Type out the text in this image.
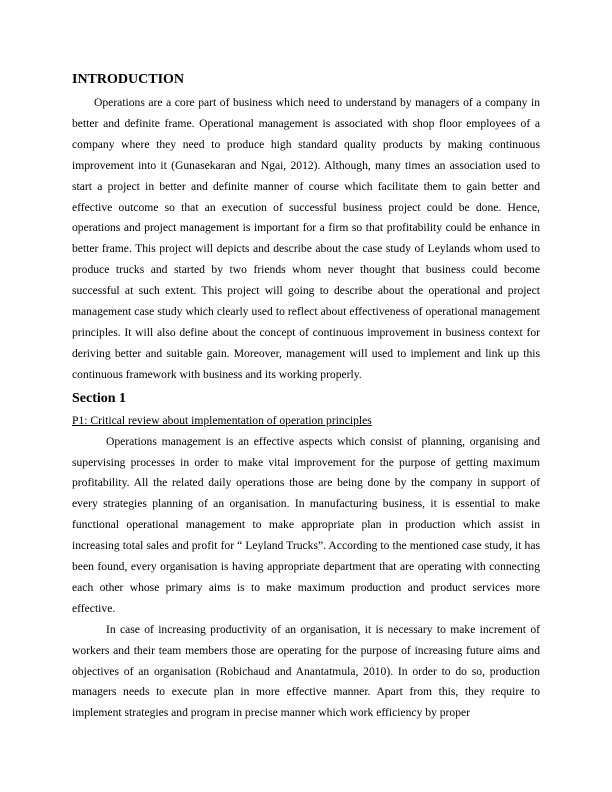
INTRODUCTION

Operations are a core part of business which need to understand by managers of a company in better and definite frame. Operational management is associated with shop floor employees of a company where they need to produce high standard quality products by making continuous improvement into it (Gunasekaran and Ngai, 2012). Although, many times an association used to start a project in better and definite manner of course which facilitate them to gain better and effective outcome so that an execution of successful business project could be done. Hence, operations and project management is important for a firm so that profitability could be enhance in better frame. This project will depicts and describe about the case study of Leylands whom used to produce trucks and started by two friends whom never thought that business could become successful at such extent. This project will going to describe about the operational and project management case study which clearly used to reflect about effectiveness of operational management principles. It will also define about the concept of continuous improvement in business context for deriving better and suitable gain. Moreover, management will used to implement and link up this continuous framework with business and its working properly.

Section 1

P1: Critical review about implementation of operation principles

Operations management is an effective aspects which consist of planning, organising and supervising processes in order to make vital improvement for the purpose of getting maximum profitability. All the related daily operations those are being done by the company in support of every strategies planning of an organisation. In manufacturing business, it is essential to make functional operational management to make appropriate plan in production which assist in increasing total sales and profit for “ Leyland Trucks”. According to the mentioned case study, it has been found, every organisation is having appropriate department that are operating with connecting each other whose primary aims is to make maximum production and product services more effective.

In case of increasing productivity of an organisation, it is necessary to make increment of workers and their team members those are operating for the purpose of increasing future aims and objectives of an organisation (Robichaud and Anantatmula, 2010). In order to do so, production managers needs to execute plan in more effective manner. Apart from this, they require to implement strategies and program in precise manner which work efficiency by proper
